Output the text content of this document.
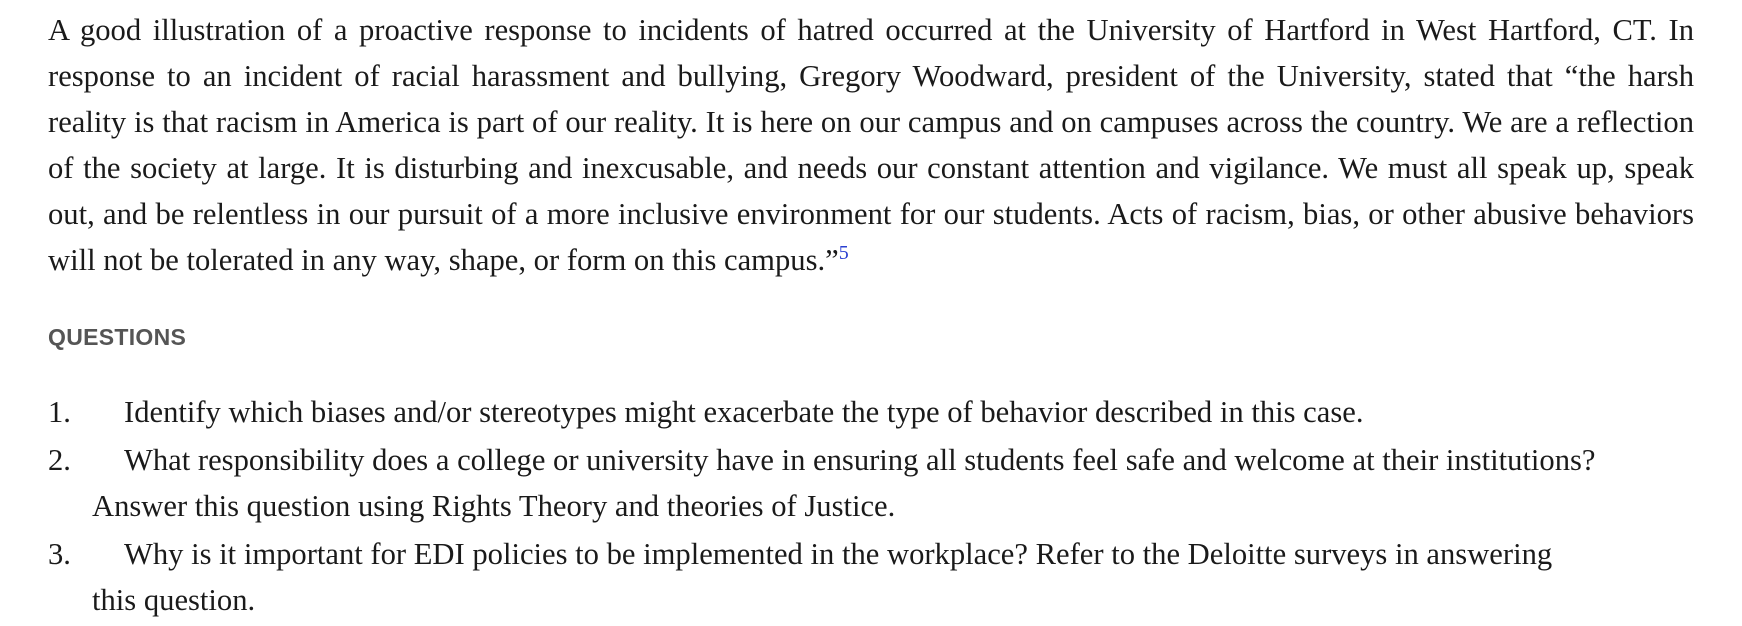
A good illustration of a proactive response to incidents of hatred occurred at the University of Hartford in West Hartford, CT. In response to an incident of racial harassment and bullying, Gregory Woodward, president of the University, stated that “the harsh reality is that racism in America is part of our reality. It is here on our campus and on campuses across the country. We are a reflection of the society at large. It is disturbing and inexcusable, and needs our constant attention and vigilance. We must all speak up, speak out, and be relentless in our pursuit of a more inclusive environment for our students. Acts of racism, bias, or other abusive behaviors will not be tolerated in any way, shape, or form on this campus.”$^5$

QUESTIONS
1. Identify which biases and/or stereotypes might exacerbate the type of behavior described in this case.
2. What responsibility does a college or university have in ensuring all students feel safe and welcome at their institutions?
Answer this question using Rights Theory and theories of Justice.
3. Why is it important for EDI policies to be implemented in the workplace? Refer to the Deloitte surveys in answering
this question.
